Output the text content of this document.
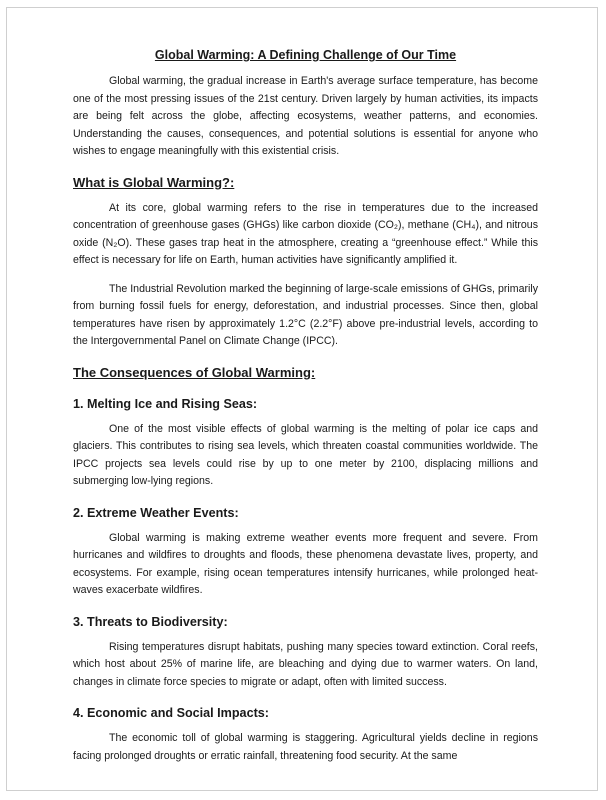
Global Warming: A Defining Challenge of Our Time

Global warming, the gradual increase in Earth's average surface temperature, has become one of the most pressing issues of the 21st century. Driven largely by human activities, its impacts are being felt across the globe, affecting ecosystems, weather patterns, and economies. Understanding the causes, consequences, and potential solutions is essential for anyone who wishes to engage meaningfully with this existential crisis.

What is Global Warming?:

At its core, global warming refers to the rise in temperatures due to the increased concentration of greenhouse gases (GHGs) like carbon dioxide (CO₂), methane (CH₄), and nitrous oxide (N₂O). These gases trap heat in the atmosphere, creating a “greenhouse effect.” While this effect is necessary for life on Earth, human activities have significantly amplified it.

The Industrial Revolution marked the beginning of large-scale emissions of GHGs, primarily from burning fossil fuels for energy, deforestation, and industrial processes. Since then, global temperatures have risen by approximately 1.2°C (2.2°F) above pre-industrial levels, according to the Intergovernmental Panel on Climate Change (IPCC).

The Consequences of Global Warming:

1. Melting Ice and Rising Seas:

One of the most visible effects of global warming is the melting of polar ice caps and glaciers. This contributes to rising sea levels, which threaten coastal communities worldwide. The IPCC projects sea levels could rise by up to one meter by 2100, displacing millions and submerging low-lying regions.

2. Extreme Weather Events:

Global warming is making extreme weather events more frequent and severe. From hurricanes and wildfires to droughts and floods, these phenomena devastate lives, property, and ecosystems. For example, rising ocean temperatures intensify hurricanes, while prolonged heat-waves exacerbate wildfires.

3. Threats to Biodiversity:

Rising temperatures disrupt habitats, pushing many species toward extinction. Coral reefs, which host about 25% of marine life, are bleaching and dying due to warmer waters. On land, changes in climate force species to migrate or adapt, often with limited success.

4. Economic and Social Impacts:

The economic toll of global warming is staggering. Agricultural yields decline in regions facing prolonged droughts or erratic rainfall, threatening food security. At the same
